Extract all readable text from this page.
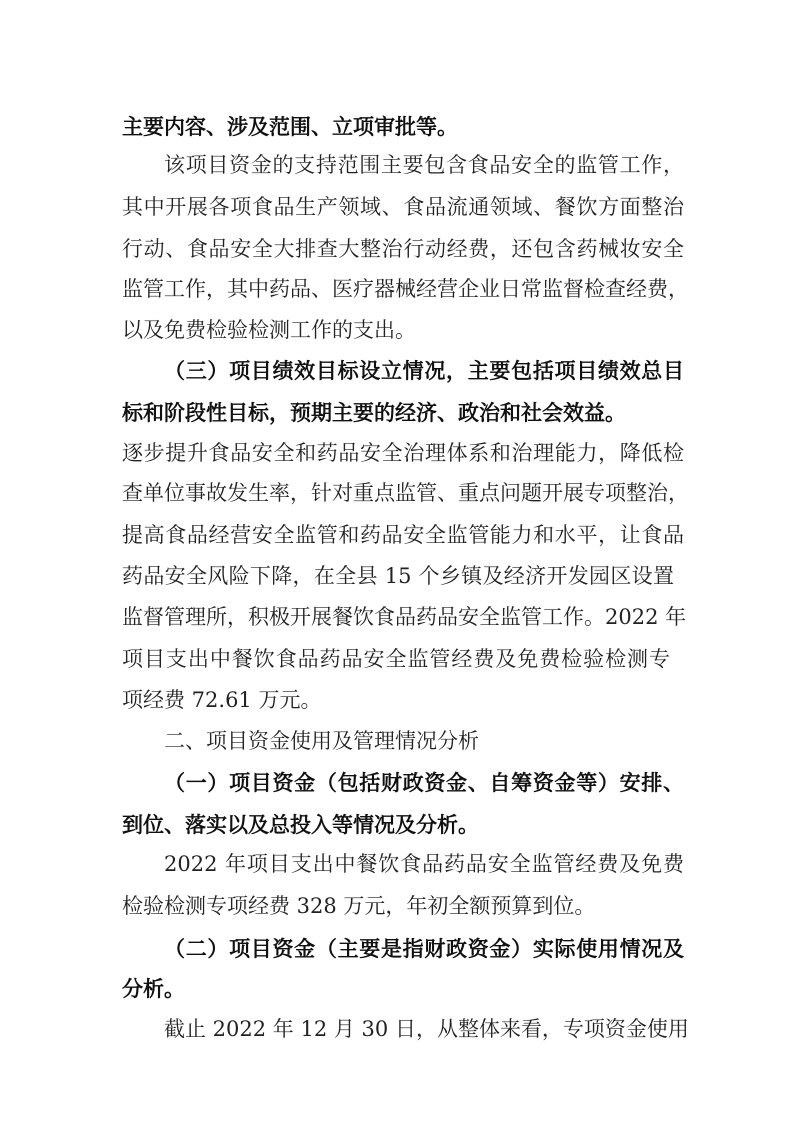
主要内容、涉及范围、立项审批等。
该项目资金的支持范围主要包含食品安全的监管工作，
其中开展各项食品生产领域、食品流通领域、餐饮方面整治
行动、食品安全大排查大整治行动经费，还包含药械妆安全
监管工作，其中药品、医疗器械经营企业日常监督检查经费，
以及免费检验检测工作的支出。
（三）项目绩效目标设立情况，主要包括项目绩效总目
标和阶段性目标，预期主要的经济、政治和社会效益。
逐步提升食品安全和药品安全治理体系和治理能力，降低检
查单位事故发生率，针对重点监管、重点问题开展专项整治，
提高食品经营安全监管和药品安全监管能力和水平，让食品
药品安全风险下降，在全县 15 个乡镇及经济开发园区设置
监督管理所，积极开展餐饮食品药品安全监管工作。2022 年
项目支出中餐饮食品药品安全监管经费及免费检验检测专
项经费 72.61 万元。
二、项目资金使用及管理情况分析
（一）项目资金（包括财政资金、自筹资金等）安排、
到位、落实以及总投入等情况及分析。
2022 年项目支出中餐饮食品药品安全监管经费及免费
检验检测专项经费 328 万元，年初全额预算到位。
（二）项目资金（主要是指财政资金）实际使用情况及
分析。
截止 2022 年 12 月 30 日，从整体来看，专项资金使用
